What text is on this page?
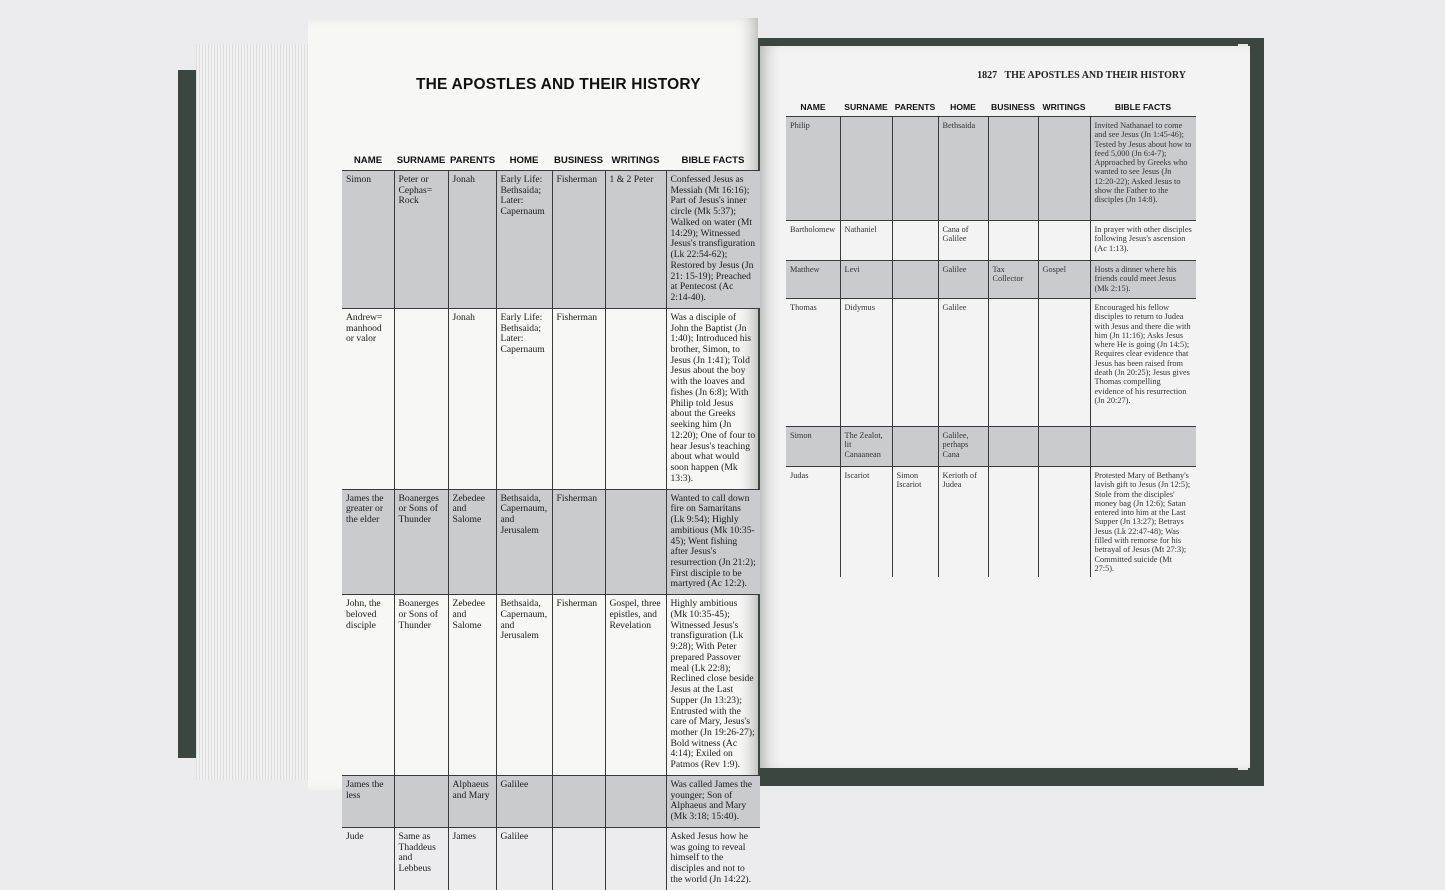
THE APOSTLES AND THEIR HISTORY
NAME	SURNAME	PARENTS	HOME	BUSINESS	WRITINGS	BIBLE FACTS
Simon	Peter or Cephas= Rock	Jonah	Early Life: Bethsaida; Later: Capernaum	Fisherman	1 & 2 Peter	Confessed Jesus as Messiah (Mt 16:16); Part of Jesus's inner circle (Mk 5:37); Walked on water (Mt 14:29); Witnessed Jesus's transfiguration (Lk 22:54-62); Restored by Jesus (Jn 21: 15-19); Preached at Pentecost (Ac 2:14-40).
Andrew= manhood or valor		Jonah	Early Life: Bethsaida; Later: Capernaum	Fisherman		Was a disciple of John the Baptist (Jn 1:40); Introduced his brother, Simon, to Jesus (Jn 1:41); Told Jesus about the boy with the loaves and fishes (Jn 6:8); With Philip told Jesus about the Greeks seeking him (Jn 12:20); One of four to hear Jesus's teaching about what would soon happen (Mk 13:3).
James the greater or the elder	Boanerges or Sons of Thunder	Zebedee and Salome	Bethsaida, Capernaum, and Jerusalem	Fisherman		Wanted to call down fire on Samaritans (Lk 9:54); Highly ambitious (Mk 10:35-45); Went fishing after Jesus's resurrection (Jn 21:2); First disciple to be martyred (Ac 12:2).
John, the beloved disciple	Boanerges or Sons of Thunder	Zebedee and Salome	Bethsaida, Capernaum, and Jerusalem	Fisherman	Gospel, three epistles, and Revelation	Highly ambitious (Mk 10:35-45); Witnessed Jesus's transfiguration (Lk 9:28); With Peter prepared Passover meal (Lk 22:8); Reclined close beside Jesus at the Last Supper (Jn 13:23); Entrusted with the care of Mary, Jesus's mother (Jn 19:26-27); Bold witness (Ac 4:14); Exiled on Patmos (Rev 1:9).
James the less		Alphaeus and Mary	Galilee			Was called James the younger; Son of Alphaeus and Mary (Mk 3:18; 15:40).
Jude	Same as Thaddeus and Lebbeus	James	Galilee			Asked Jesus how he was going to reveal himself to the disciples and not to the world (Jn 14:22).
1827 THE APOSTLES AND THEIR HISTORY
NAME	SURNAME	PARENTS	HOME	BUSINESS	WRITINGS	BIBLE FACTS
Philip			Bethsaida			Invited Nathanael to come and see Jesus (Jn 1:45-46); Tested by Jesus about how to feed 5,000 (Jn 6:4-7); Approached by Greeks who wanted to see Jesus (Jn 12:20-22); Asked Jesus to show the Father to the disciples (Jn 14:8).
Bartholomew	Nathaniel		Cana of Galilee			In prayer with other disciples following Jesus's ascension (Ac 1:13).
Matthew	Levi		Galilee	Tax Collector	Gospel	Hosts a dinner where his friends could meet Jesus (Mk 2:15).
Thomas	Didymus		Galilee			Encouraged his fellow disciples to return to Judea with Jesus and there die with him (Jn 11:16); Asks Jesus where He is going (Jn 14:5); Requires clear evidence that Jesus has been raised from death (Jn 20:25); Jesus gives Thomas compelling evidence of his resurrection (Jn 20:27).
Simon	The Zealot, lit Canaanean		Galilee, perhaps Cana			
Judas	Iscariot	Simon Iscariot	Kerioth of Judea			Protested Mary of Bethany's lavish gift to Jesus (Jn 12:5); Stole from the disciples' money bag (Jn 12:6); Satan entered into him at the Last Supper (Jn 13:27); Betrays Jesus (Lk 22:47-48); Was filled with remorse for his betrayal of Jesus (Mt 27:3); Committed suicide (Mt 27:5).
